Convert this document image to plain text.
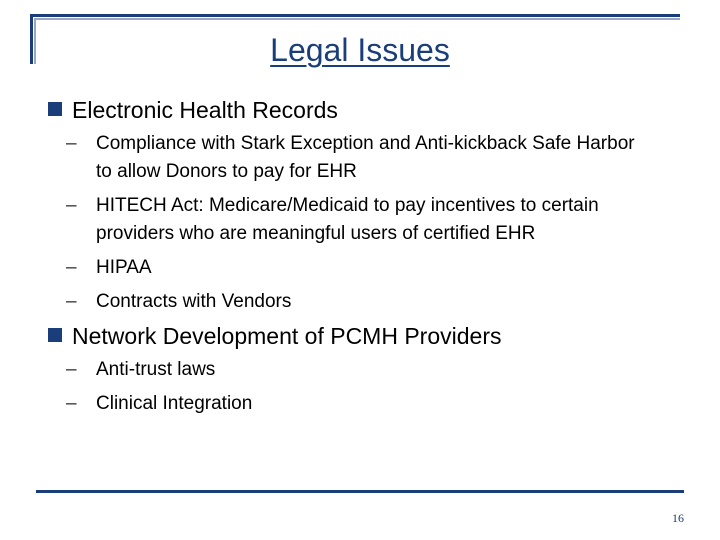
Legal Issues
Electronic Health Records
– Compliance with Stark Exception and Anti-kickback Safe Harbor to allow Donors to pay for EHR
– HITECH Act: Medicare/Medicaid to pay incentives to certain providers who are meaningful users of certified EHR
– HIPAA
– Contracts with Vendors
Network Development of PCMH Providers
– Anti-trust laws
– Clinical Integration
16
